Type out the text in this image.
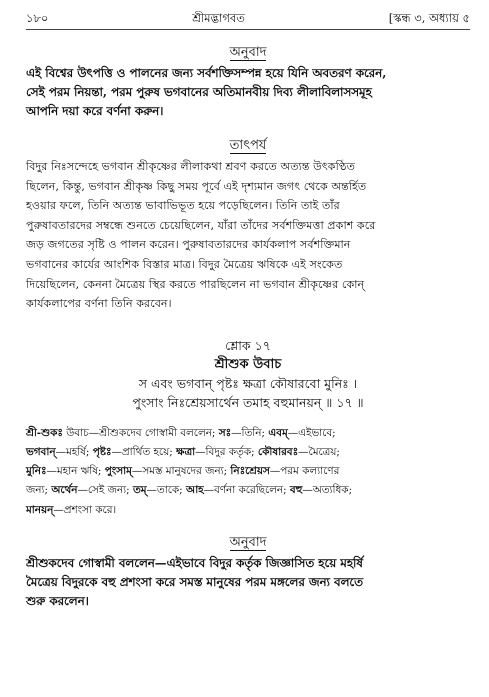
১৮০	শ্রীমদ্ভাগবত	[স্কন্ধ ৩, অধ্যায় ৫
অনুবাদ

এই বিশ্বের উৎপত্তি ও পালনের জন্য সর্বশক্তিসম্পন্ন হয়ে যিনি অবতরণ করেন,

সেই পরম নিয়ন্তা, পরম পুরুষ ভগবানের অতিমানবীয় দিব্য লীলাবিলাসসমূহ

আপনি দয়া করে বর্ণনা করুন।

তাৎপর্য

বিদুর নিঃসন্দেহে ভগবান শ্রীকৃষ্ণের লীলাকথা শ্রবণ করতে অত্যন্ত উৎকণ্ঠিত

ছিলেন, কিন্তু, ভগবান শ্রীকৃষ্ণ কিছু সময় পূর্বে এই দৃশ্যমান জগৎ থেকে অন্তর্হিত

হওয়ার ফলে, তিনি অত্যন্ত ভাবাভিভূত হয়ে পড়েছিলেন। তিনি তাই তাঁর

পুরুষাবতারদের সম্বন্ধে শুনতে চেয়েছিলেন, যাঁরা তাঁদের সর্বশক্তিমত্তা প্রকাশ করে

জড় জগতের সৃষ্টি ও পালন করেন। পুরুষাবতারদের কার্যকলাপ সর্বশক্তিমান

ভগবানের কার্যের আংশিক বিস্তার মাত্র। বিদুর মৈত্রেয় ঋষিকে এই সংকেত

দিয়েছিলেন, কেননা মৈত্রেয় স্থির করতে পারছিলেন না ভগবান শ্রীকৃষ্ণের কোন্

কার্যকলাপের বর্ণনা তিনি করবেন।

শ্লোক ১৭

শ্রীশুক উবাচ

স এবং ভগবান্ পৃষ্টঃ ক্ষত্রা কৌষারবো মুনিঃ ।

পুংসাং নিঃশ্রেয়সার্থেন তমাহ বহুমানয়ন্ ॥ ১৭ ॥

শ্রী-শুকঃ উবাচ—শ্রীশুকদেব গোস্বামী বললেন; সঃ—তিনি; এবম্—এইভাবে;

ভগবান্—মহর্ষি; পৃষ্টঃ—প্রার্থিত হয়ে; ক্ষত্রা—বিদুর কর্তৃক; কৌষারবঃ—মৈত্রেয়;

মুনিঃ—মহান ঋষি; পুংসাম্—সমস্ত মানুষদের জন্য; নিঃশ্রেয়স—পরম কল্যাণের

জন্য; অর্থেন—সেই জন্য; তম্—তাকে; আহ—বর্ণনা করেছিলেন; বহু—অত্যধিক;

মানয়ন্—প্রশংসা করে।

অনুবাদ

শ্রীশুকদেব গোস্বামী বললেন—এইভাবে বিদুর কর্তৃক জিজ্ঞাসিত হয়ে মহর্ষি

মৈত্রেয় বিদুরকে বহু প্রশংসা করে সমস্ত মানুষের পরম মঙ্গলের জন্য বলতে

শুরু করলেন।
